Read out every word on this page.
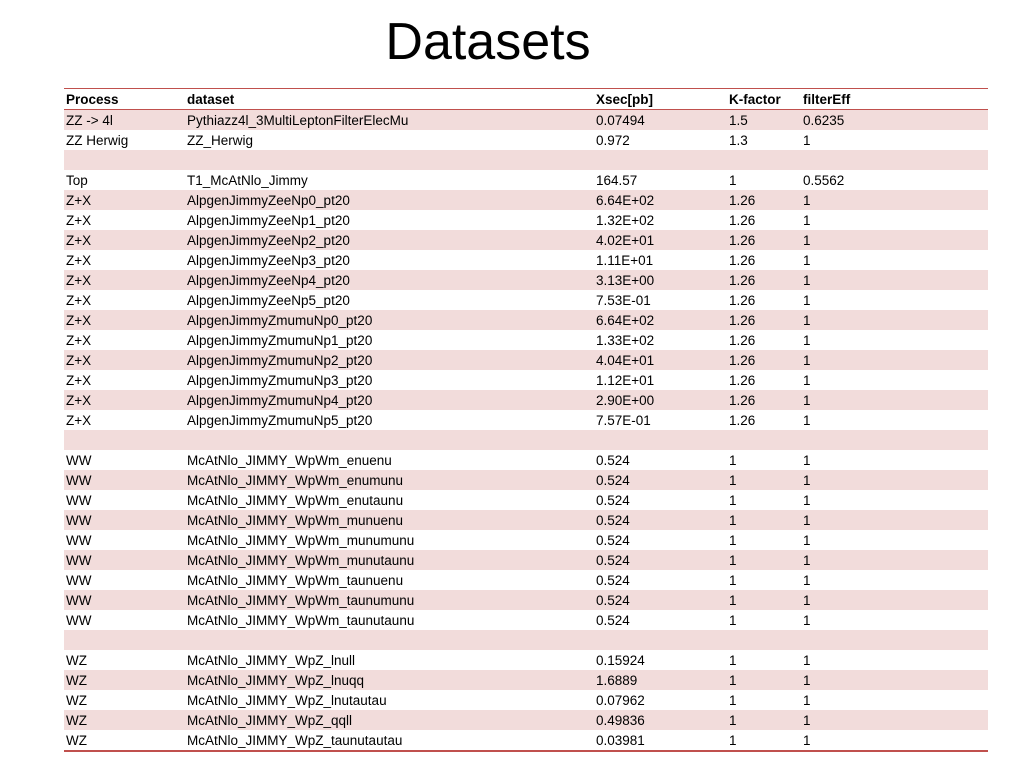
Datasets
Process	dataset	Xsec[pb]	K-factor	filterEff
ZZ -> 4l	Pythiazz4l_3MultiLeptonFilterElecMu	0.07494	1.5	0.6235
ZZ Herwig	ZZ_Herwig	0.972	1.3	1

Top	T1_McAtNlo_Jimmy	164.57	1	0.5562
Z+X	AlpgenJimmyZeeNp0_pt20	6.64E+02	1.26	1
Z+X	AlpgenJimmyZeeNp1_pt20	1.32E+02	1.26	1
Z+X	AlpgenJimmyZeeNp2_pt20	4.02E+01	1.26	1
Z+X	AlpgenJimmyZeeNp3_pt20	1.11E+01	1.26	1
Z+X	AlpgenJimmyZeeNp4_pt20	3.13E+00	1.26	1
Z+X	AlpgenJimmyZeeNp5_pt20	7.53E-01	1.26	1
Z+X	AlpgenJimmyZmumuNp0_pt20	6.64E+02	1.26	1
Z+X	AlpgenJimmyZmumuNp1_pt20	1.33E+02	1.26	1
Z+X	AlpgenJimmyZmumuNp2_pt20	4.04E+01	1.26	1
Z+X	AlpgenJimmyZmumuNp3_pt20	1.12E+01	1.26	1
Z+X	AlpgenJimmyZmumuNp4_pt20	2.90E+00	1.26	1
Z+X	AlpgenJimmyZmumuNp5_pt20	7.57E-01	1.26	1

WW	McAtNlo_JIMMY_WpWm_enuenu	0.524	1	1
WW	McAtNlo_JIMMY_WpWm_enumunu	0.524	1	1
WW	McAtNlo_JIMMY_WpWm_enutaunu	0.524	1	1
WW	McAtNlo_JIMMY_WpWm_munuenu	0.524	1	1
WW	McAtNlo_JIMMY_WpWm_munumunu	0.524	1	1
WW	McAtNlo_JIMMY_WpWm_munutaunu	0.524	1	1
WW	McAtNlo_JIMMY_WpWm_taunuenu	0.524	1	1
WW	McAtNlo_JIMMY_WpWm_taunumunu	0.524	1	1
WW	McAtNlo_JIMMY_WpWm_taunutaunu	0.524	1	1

WZ	McAtNlo_JIMMY_WpZ_lnull	0.15924	1	1
WZ	McAtNlo_JIMMY_WpZ_lnuqq	1.6889	1	1
WZ	McAtNlo_JIMMY_WpZ_lnutautau	0.07962	1	1
WZ	McAtNlo_JIMMY_WpZ_qqll	0.49836	1	1
WZ	McAtNlo_JIMMY_WpZ_taunutautau	0.03981	1	1
